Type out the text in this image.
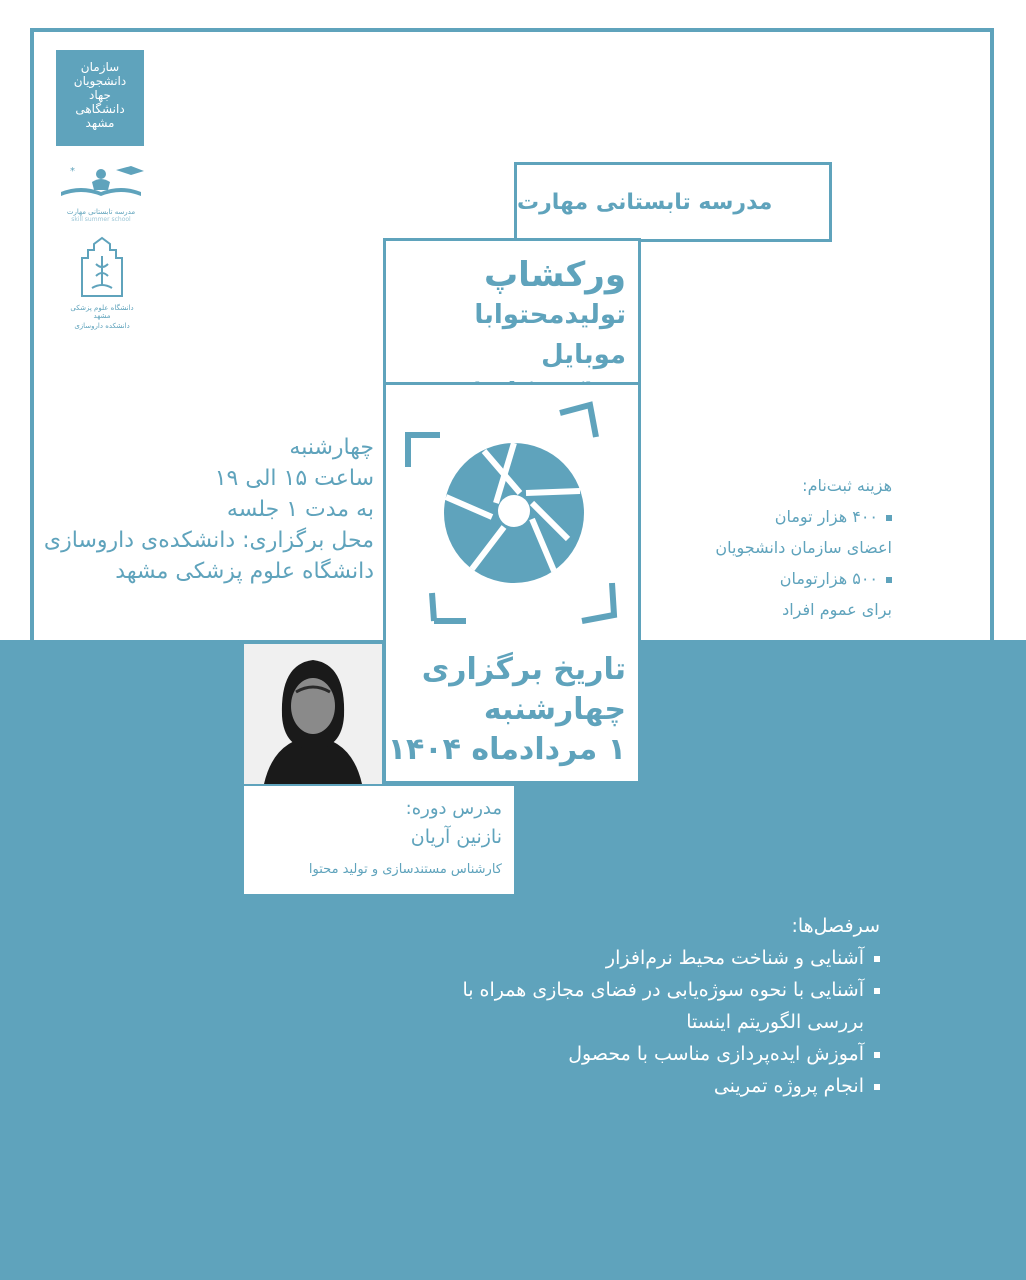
سازمان
دانشجویان
جهاد
دانشگاهی
مشهد
*
مدرسه تابستانی مهارت
skill summer school
دانشگاه علوم پزشکی مشهد
دانشکده داروسازی
مدرسه تابستانی مهارت
ورکشاپ
تولیدمحتوابا موبایل
تاریخ برگزاری
چهارشنبه
۱ مردادماه ۱۴۰۴
مدرس دوره:
نازنین آریان
کارشناس مستندسازی و تولید محتوا
چهارشنبه
ساعت ۱۵ الی ۱۹
به مدت ۱ جلسه
محل برگزاری: دانشکده‌ی داروسازی دانشگاه علوم پزشکی مشهد
هزینه ثبت‌نام:
۴۰۰ هزار تومان
اعضای سازمان دانشجویان
۵۰۰ هزارتومان
برای عموم افراد
سرفصل‌ها:
آشنایی و شناخت محیط نرم‌افزار
آشنایی با نحوه سوژه‌یابی در فضای مجازی همراه با
بررسی الگوریتم اینستا
آموزش ایده‌پردازی مناسب با محصول
انجام پروژه تمرینی
